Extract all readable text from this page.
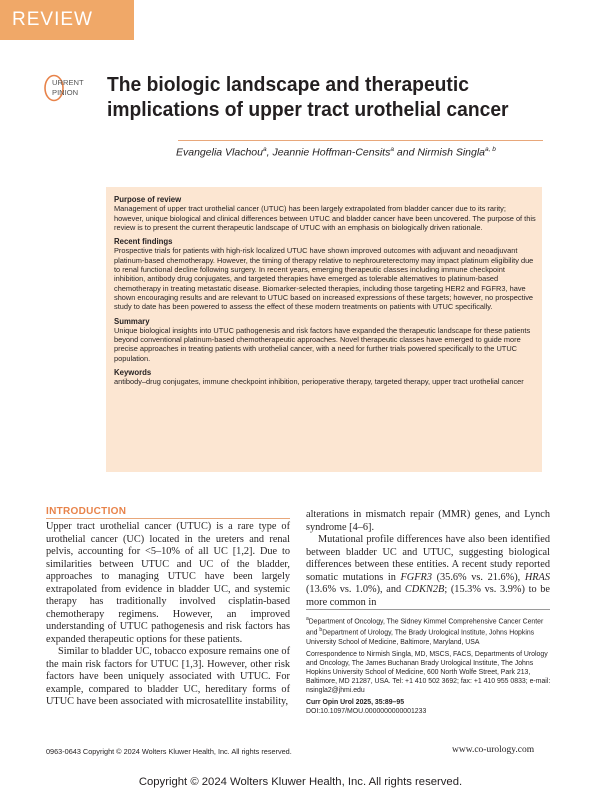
REVIEW
URRENT
PINION The biologic landscape and therapeutic
implications of upper tract urothelial cancer
Evangelia Vlachou$^a$, Jeannie Hoffman-Censits$^a$ and Nirmish Singla$^{a, b}$
Purpose of review

Management of upper tract urothelial cancer (UTUC) has been largely extrapolated from bladder cancer due to its rarity; however, unique biological and clinical differences between UTUC and bladder cancer have been uncovered. The purpose of this review is to present the current therapeutic landscape of UTUC with an emphasis on biologically driven rationale.

Recent findings

Prospective trials for patients with high-risk localized UTUC have shown improved outcomes with adjuvant and neoadjuvant platinum-based chemotherapy. However, the timing of therapy relative to nephroureterectomy may impact platinum eligibility due to renal functional decline following surgery. In recent years, emerging therapeutic classes including immune checkpoint inhibition, antibody drug conjugates, and targeted therapies have emerged as tolerable alternatives to platinum-based chemotherapy in treating metastatic disease. Biomarker-selected therapies, including those targeting HER2 and FGFR3, have shown encouraging results and are relevant to UTUC based on increased expressions of these targets; however, no prospective study to date has been powered to assess the effect of these modern treatments on patients with UTUC specifically.

Summary

Unique biological insights into UTUC pathogenesis and risk factors have expanded the therapeutic landscape for these patients beyond conventional platinum-based chemotherapeutic approaches. Novel therapeutic classes have emerged to guide more precise approaches in treating patients with urothelial cancer, with a need for further trials powered specifically to the UTUC population.

Keywords

antibody–drug conjugates, immune checkpoint inhibition, perioperative therapy, targeted therapy, upper tract urothelial cancer

INTRODUCTION

Upper tract urothelial cancer (UTUC) is a rare type of urothelial cancer (UC) located in the ureters and renal pelvis, accounting for <5–10% of all UC [1,2]. Due to similarities between UTUC and UC of the bladder, approaches to managing UTUC have been largely extrapolated from evidence in bladder UC, and systemic therapy has traditionally involved cisplatin-based chemotherapy regimens. However, an improved understanding of UTUC pathogenesis and risk factors has expanded therapeutic options for these patients.

Similar to bladder UC, tobacco exposure remains one of the main risk factors for UTUC [1,3]. However, other risk factors have been uniquely associated with UTUC. For example, compared to bladder UC, hereditary forms of UTUC have been associated with microsatellite instability,

alterations in mismatch repair (MMR) genes, and Lynch syndrome [4–6].

Mutational profile differences have also been identified between bladder UC and UTUC, suggesting biological differences between these entities. A recent study reported somatic mutations in FGFR3 (35.6% vs. 21.6%), HRAS (13.6% vs. 1.0%), and CDKN2B; (15.3% vs. 3.9%) to be more common in

$^a$Department of Oncology, The Sidney Kimmel Comprehensive Cancer Center and $^b$Department of Urology, The Brady Urological Institute, Johns Hopkins University School of Medicine, Baltimore, Maryland, USA

Correspondence to Nirmish Singla, MD, MSCS, FACS, Departments of Urology and Oncology, The James Buchanan Brady Urological Institute, The Johns Hopkins University School of Medicine, 600 North Wolfe Street, Park 213, Baltimore, MD 21287, USA. Tel: +1 410 502 3692; fax: +1 410 955 0833; e-mail: nsingla2@jhmi.edu

Curr Opin Urol 2025, 35:89–95

DOI:10.1097/MOU.0000000000001233

0963-0643 Copyright © 2024 Wolters Kluwer Health, Inc. All rights reserved.	www.co-urology.com
Copyright © 2024 Wolters Kluwer Health, Inc. All rights reserved.
